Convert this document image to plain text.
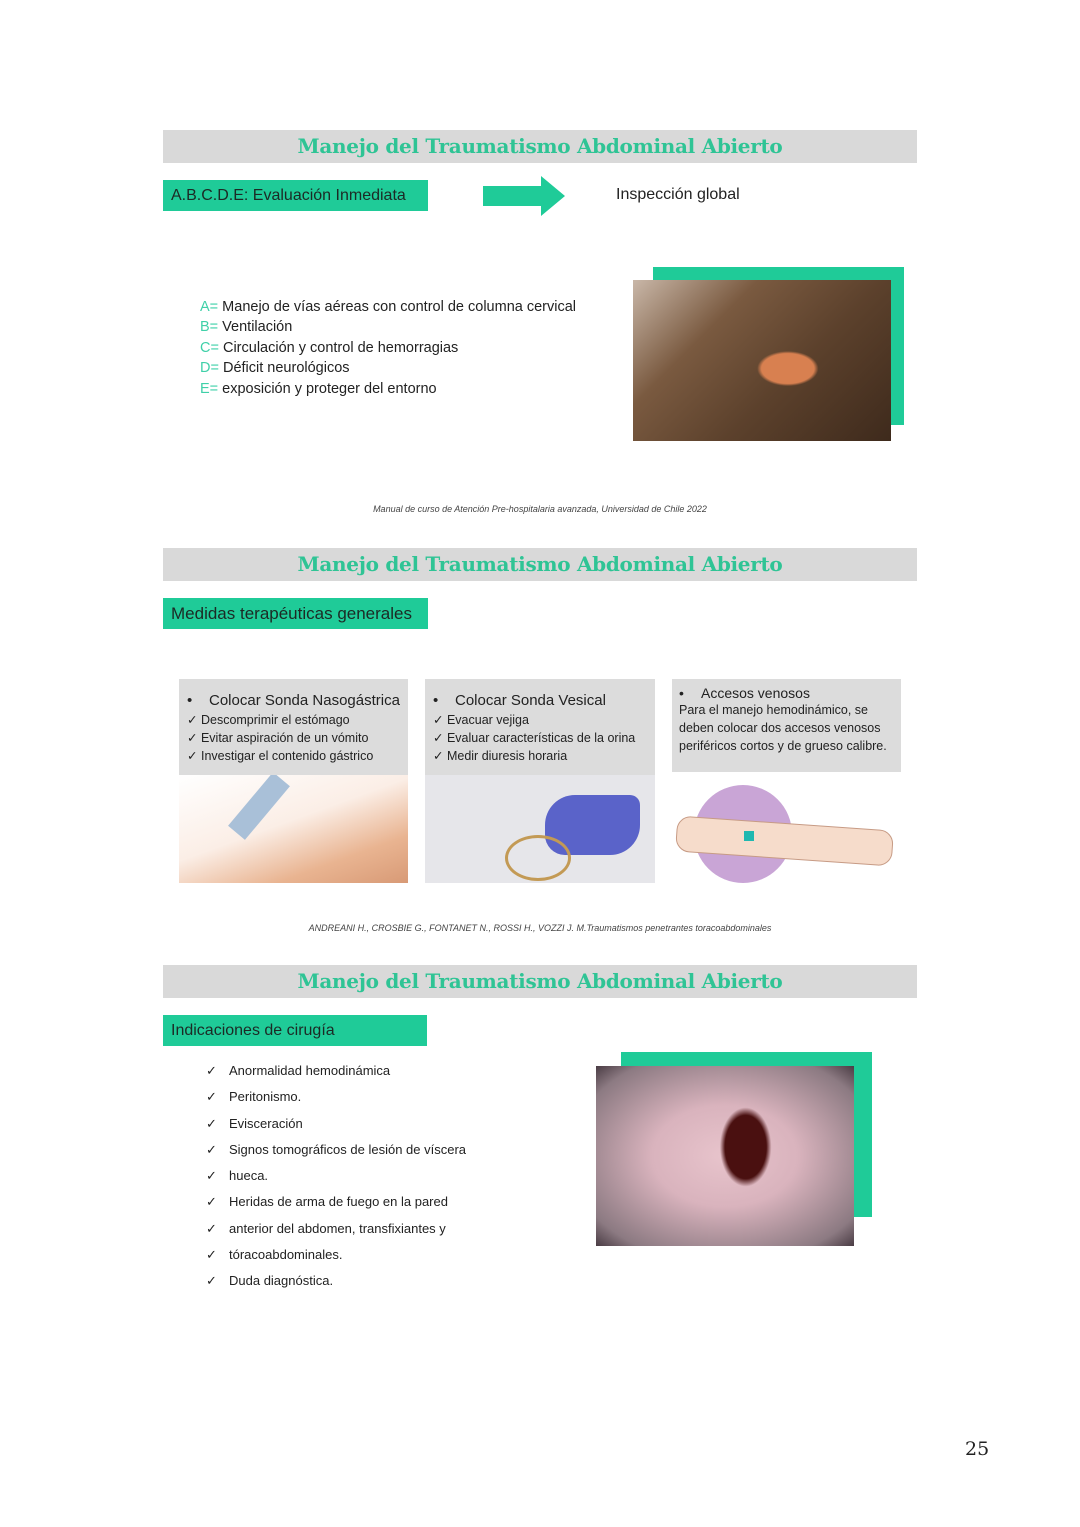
Manejo del Traumatismo Abdominal Abierto
A.B.C.D.E: Evaluación Inmediata	Inspección global
A= Manejo de vías aéreas con control de columna cervical
B= Ventilación
C= Circulación y control de hemorragias
D= Déficit neurológicos
E= exposición y proteger del entorno
Manual de curso de Atención Pre-hospitalaria avanzada, Universidad de Chile 2022
Manejo del Traumatismo Abdominal Abierto
Medidas terapéuticas generales
• Colocar Sonda Nasogástrica
✓ Descomprimir el estómago
✓ Evitar aspiración de un vómito
✓ Investigar el contenido gástrico
• Colocar Sonda Vesical
✓ Evacuar vejiga
✓ Evaluar características de la orina
✓ Medir diuresis horaria
• Accesos venosos
Para el manejo hemodinámico, se deben colocar dos accesos venosos periféricos cortos y de grueso calibre.
ANDREANI H., CROSBIE G., FONTANET N., ROSSI H., VOZZI J. M.Traumatismos penetrantes toracoabdominales
Manejo del Traumatismo Abdominal Abierto
Indicaciones de cirugía
✓ Anormalidad hemodinámica
✓ Peritonismo.
✓ Evisceración
✓ Signos tomográficos de lesión de víscera
✓ hueca.
✓ Heridas de arma de fuego en la pared
✓ anterior del abdomen, transfixiantes y
✓ tóracoabdominales.
✓ Duda diagnóstica.
25
